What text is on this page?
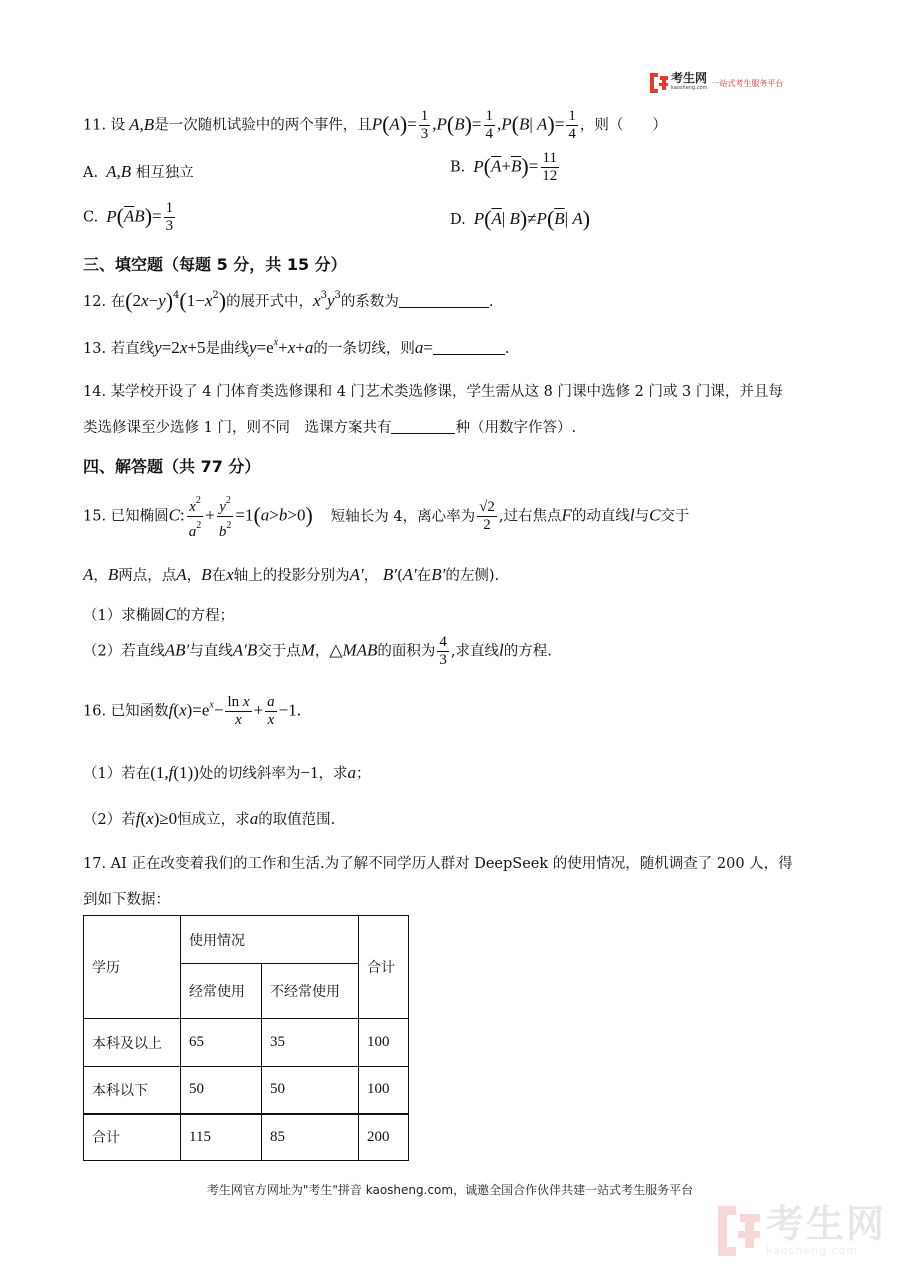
考生网
kaosheng.com
一站式考生服务平台
11. 设 A,B是一次随机试验中的两个事件，且$P(A)= \frac{1}{3} ,P(B)= \frac{1}{4} ,P(B|$ $A)= \frac{1}{4}$ ，则（　　）
A. A,B 相互独立	B. $P(\overline{A}+\overline{B})= \frac{11}{12}$
C. $P(\overline{A}B)= \frac{1}{3}$	D. $P(\overline{A}|$ $B)\ne P(\overline{B}|$ A)
三、填空题（每题 5 分，共 15 分）
12. 在$(2x-y)^4(1-x^2)$的展开式中，$x^3y^3$的系数为	.
13. 若直线y=2x+5是曲线$y=e^x+x+a$的一条切线，则a=	.
14. 某学校开设了 4 门体育类选修课和 4 门艺术类选修课，学生需从这 8 门课中选修 2 门或 3 门课，并且每
类选修课至少选修 1 门，则不同　选课方案共有	种（用数字作答）.
四、解答题（共 77 分）
15. 已知椭圆C: $\frac{x^2}{a^2} + \frac{y^2}{b^2} =1(a>b>0)$ 短轴长为 4，离心率为 $\frac{√2}{2}$ ,过右焦点F的动直线l与C交于
A，B两点，点A，B在x轴上的投影分别为A′， B′(A′在B′的左侧).
（1）求椭圆C的方程；
（2）若直线AB′与直线A′B交于点M，△MAB的面积为 $\frac{4}{3}$ ,求直线l的方程.
16. 已知函数$f(x)=e^x- \frac{\text{ln x}}{x} + \frac{a}{x} -1$.
（1）若在(1,f(1))处的切线斜率为−1，求a；
（2）若f(x)≥0恒成立，求a的取值范围.
17. AI 正在改变着我们的工作和生活.为了解不同学历人群对 DeepSeek 的使用情况，随机调查了 200 人，得
到如下数据：
学历	使用情况		合计
	经常使用	不经常使用	
本科及以上	65	35	100
本科以下	50	50	100
合计	115	85	200
考生网官方网址为"考生"拼音 kaosheng.com，诚邀全国合作伙伴共建一站式考生服务平台
考生网
kaosheng.com
